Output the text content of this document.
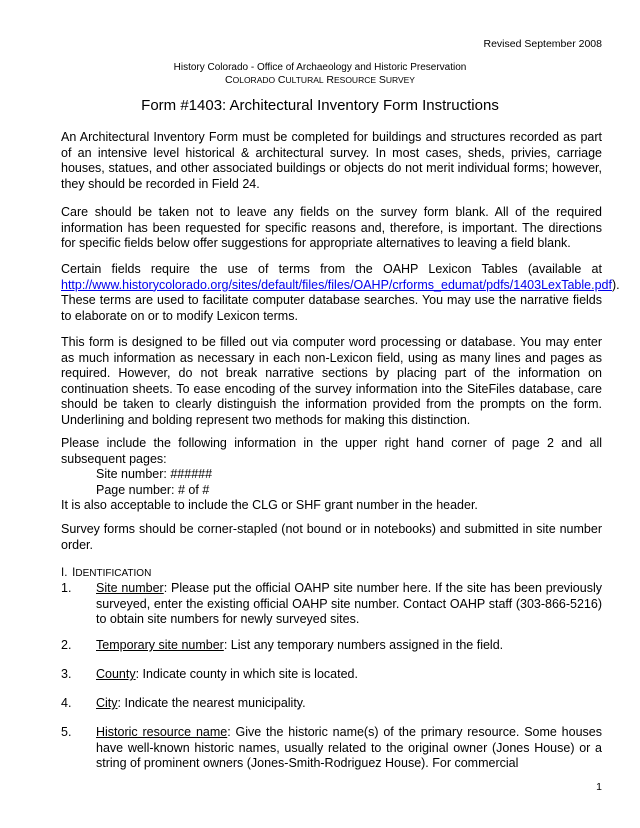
Revised September 2008
History Colorado - Office of Archaeology and Historic Preservation
COLORADO CULTURAL RESOURCE SURVEY
Form #1403: Architectural Inventory Form Instructions

An Architectural Inventory Form must be completed for buildings and structures recorded as part of an intensive level historical & architectural survey. In most cases, sheds, privies, carriage houses, statues, and other associated buildings or objects do not merit individual forms; however, they should be recorded in Field 24.

Care should be taken not to leave any fields on the survey form blank. All of the required information has been requested for specific reasons and, therefore, is important. The directions for specific fields below offer suggestions for appropriate alternatives to leaving a field blank.

Certain fields require the use of terms from the OAHP Lexicon Tables (available at http://www.historycolorado.org/sites/default/files/files/OAHP/crforms_edumat/pdfs/1403LexTable.pdf). These terms are used to facilitate computer database searches. You may use the narrative fields to elaborate on or to modify Lexicon terms.

This form is designed to be filled out via computer word processing or database. You may enter as much information as necessary in each non-Lexicon field, using as many lines and pages as required. However, do not break narrative sections by placing part of the information on continuation sheets. To ease encoding of the survey information into the SiteFiles database, care should be taken to clearly distinguish the information provided from the prompts on the form. Underlining and bolding represent two methods for making this distinction.

Please include the following information in the upper right hand corner of page 2 and all subsequent pages:
Site number: ######
Page number: # of #
It is also acceptable to include the CLG or SHF grant number in the header.

Survey forms should be corner-stapled (not bound or in notebooks) and submitted in site number order.

I. IDENTIFICATION
1. Site number: Please put the official OAHP site number here. If the site has been previously surveyed, enter the existing official OAHP site number. Contact OAHP staff (303-866-5216) to obtain site numbers for newly surveyed sites.
2. Temporary site number: List any temporary numbers assigned in the field.
3. County: Indicate county in which site is located.
4. City: Indicate the nearest municipality.
5. Historic resource name: Give the historic name(s) of the primary resource. Some houses have well-known historic names, usually related to the original owner (Jones House) or a string of prominent owners (Jones-Smith-Rodriguez House). For commercial
1
